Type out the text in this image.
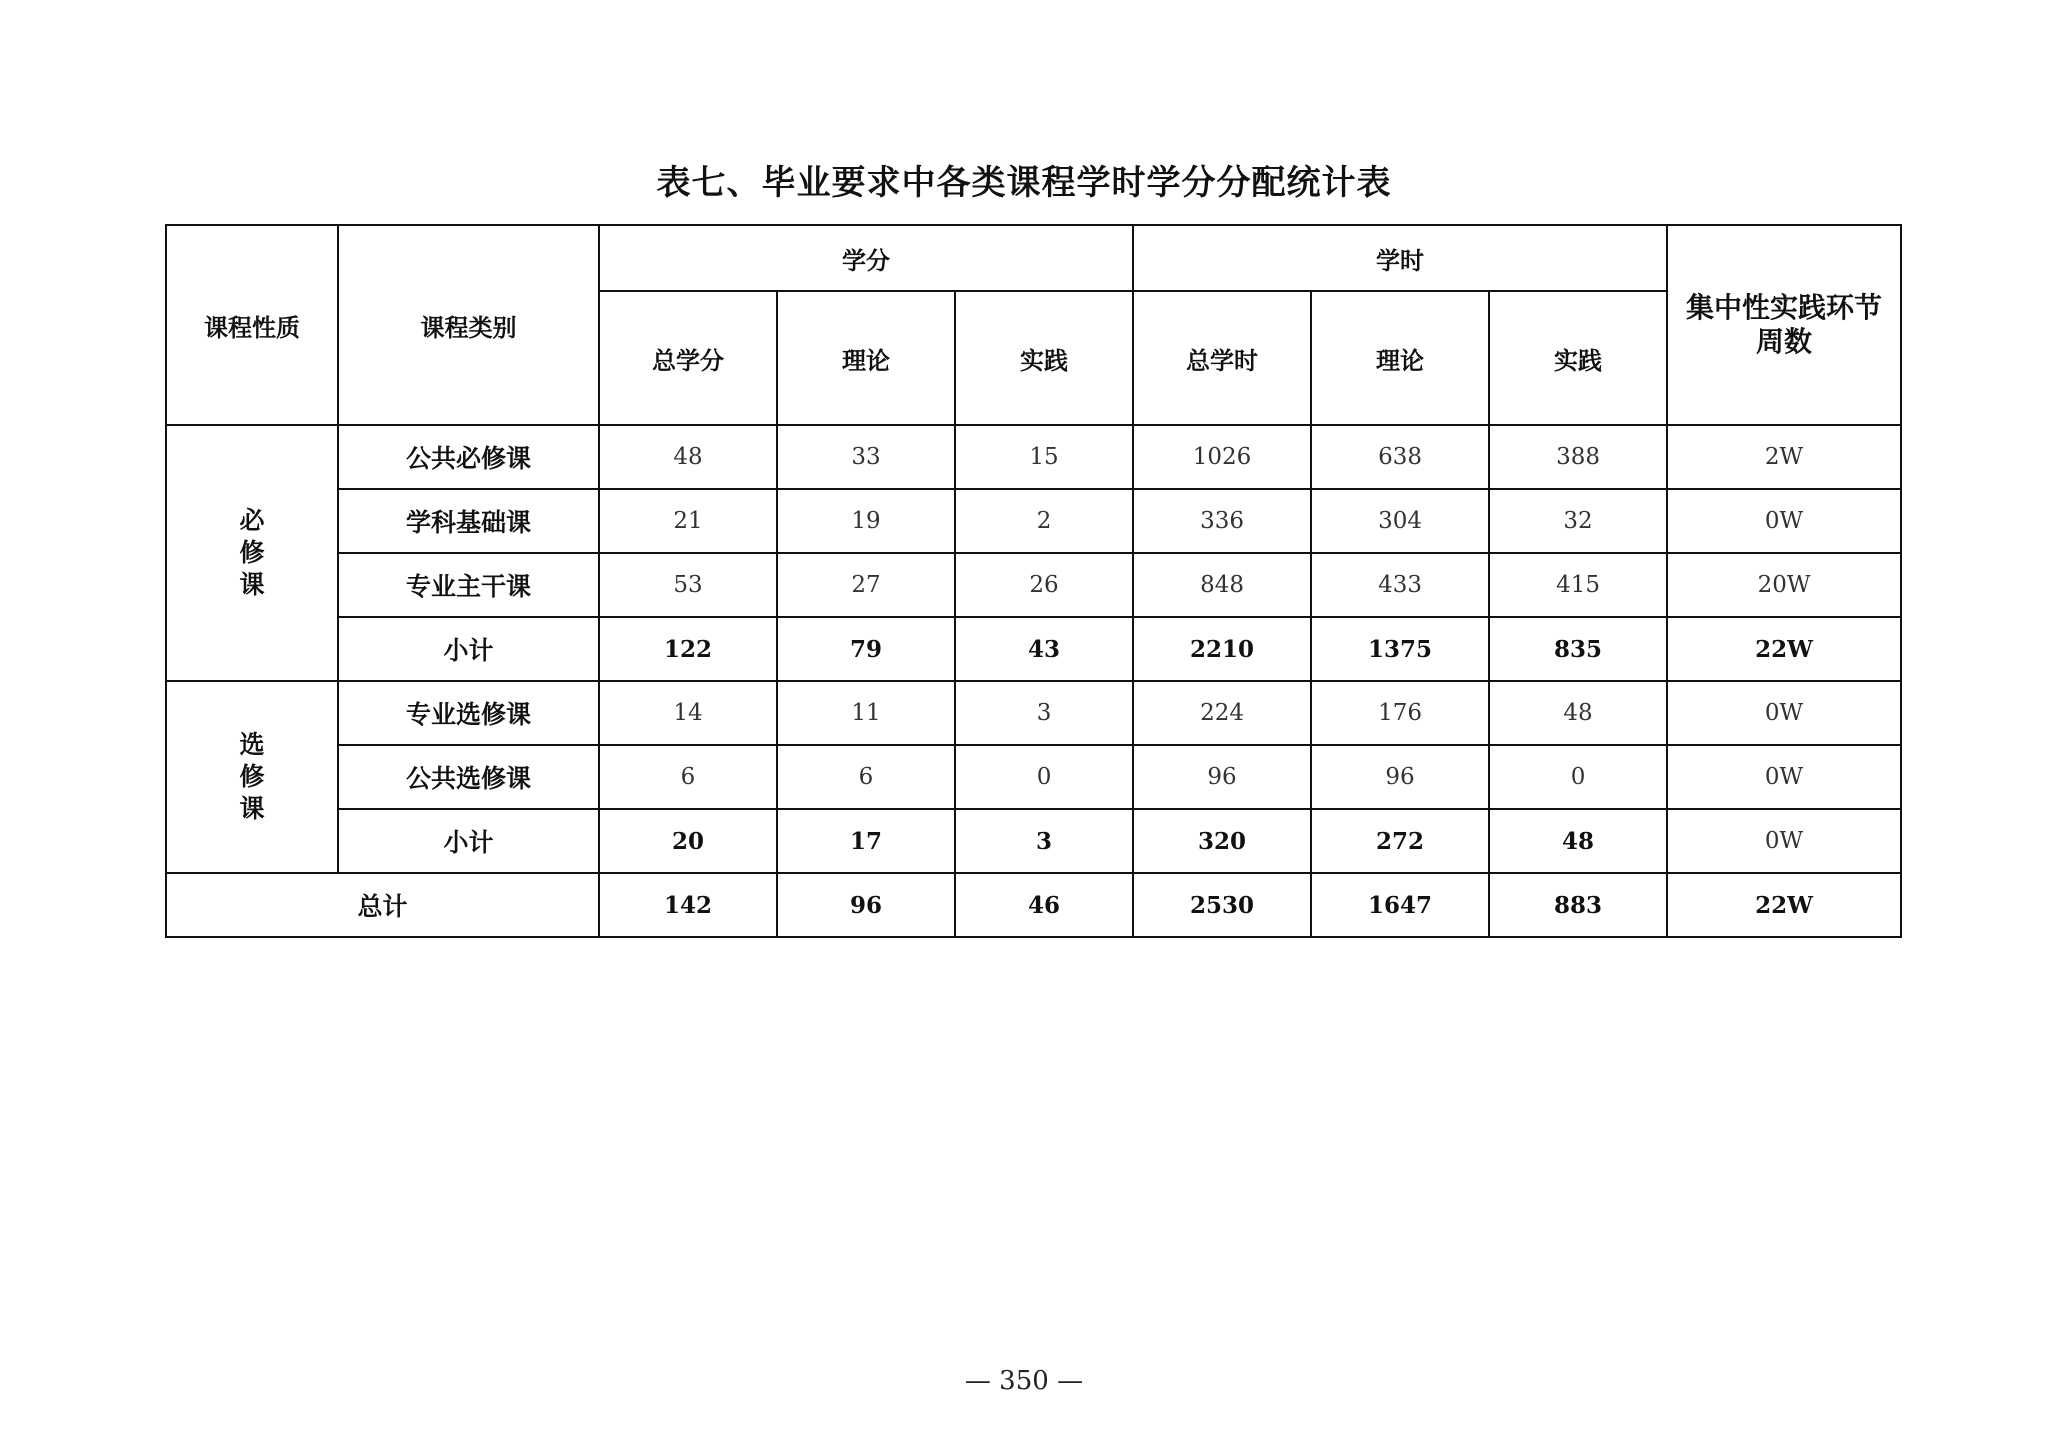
表七、毕业要求中各类课程学时学分分配统计表
课程性质	课程类别	学分			学时			集中性实践环节周数
		总学分	理论	实践	总学时	理论	实践	
必修课	公共必修课	48	33	15	1026	638	388	2W
	学科基础课	21	19	2	336	304	32	0W
	专业主干课	53	27	26	848	433	415	20W
	小计	122	79	43	2210	1375	835	22W
选修课	专业选修课	14	11	3	224	176	48	0W
	公共选修课	6	6	0	96	96	0	0W
	小计	20	17	3	320	272	48	0W
总计		142	96	46	2530	1647	883	22W
— 350 —
